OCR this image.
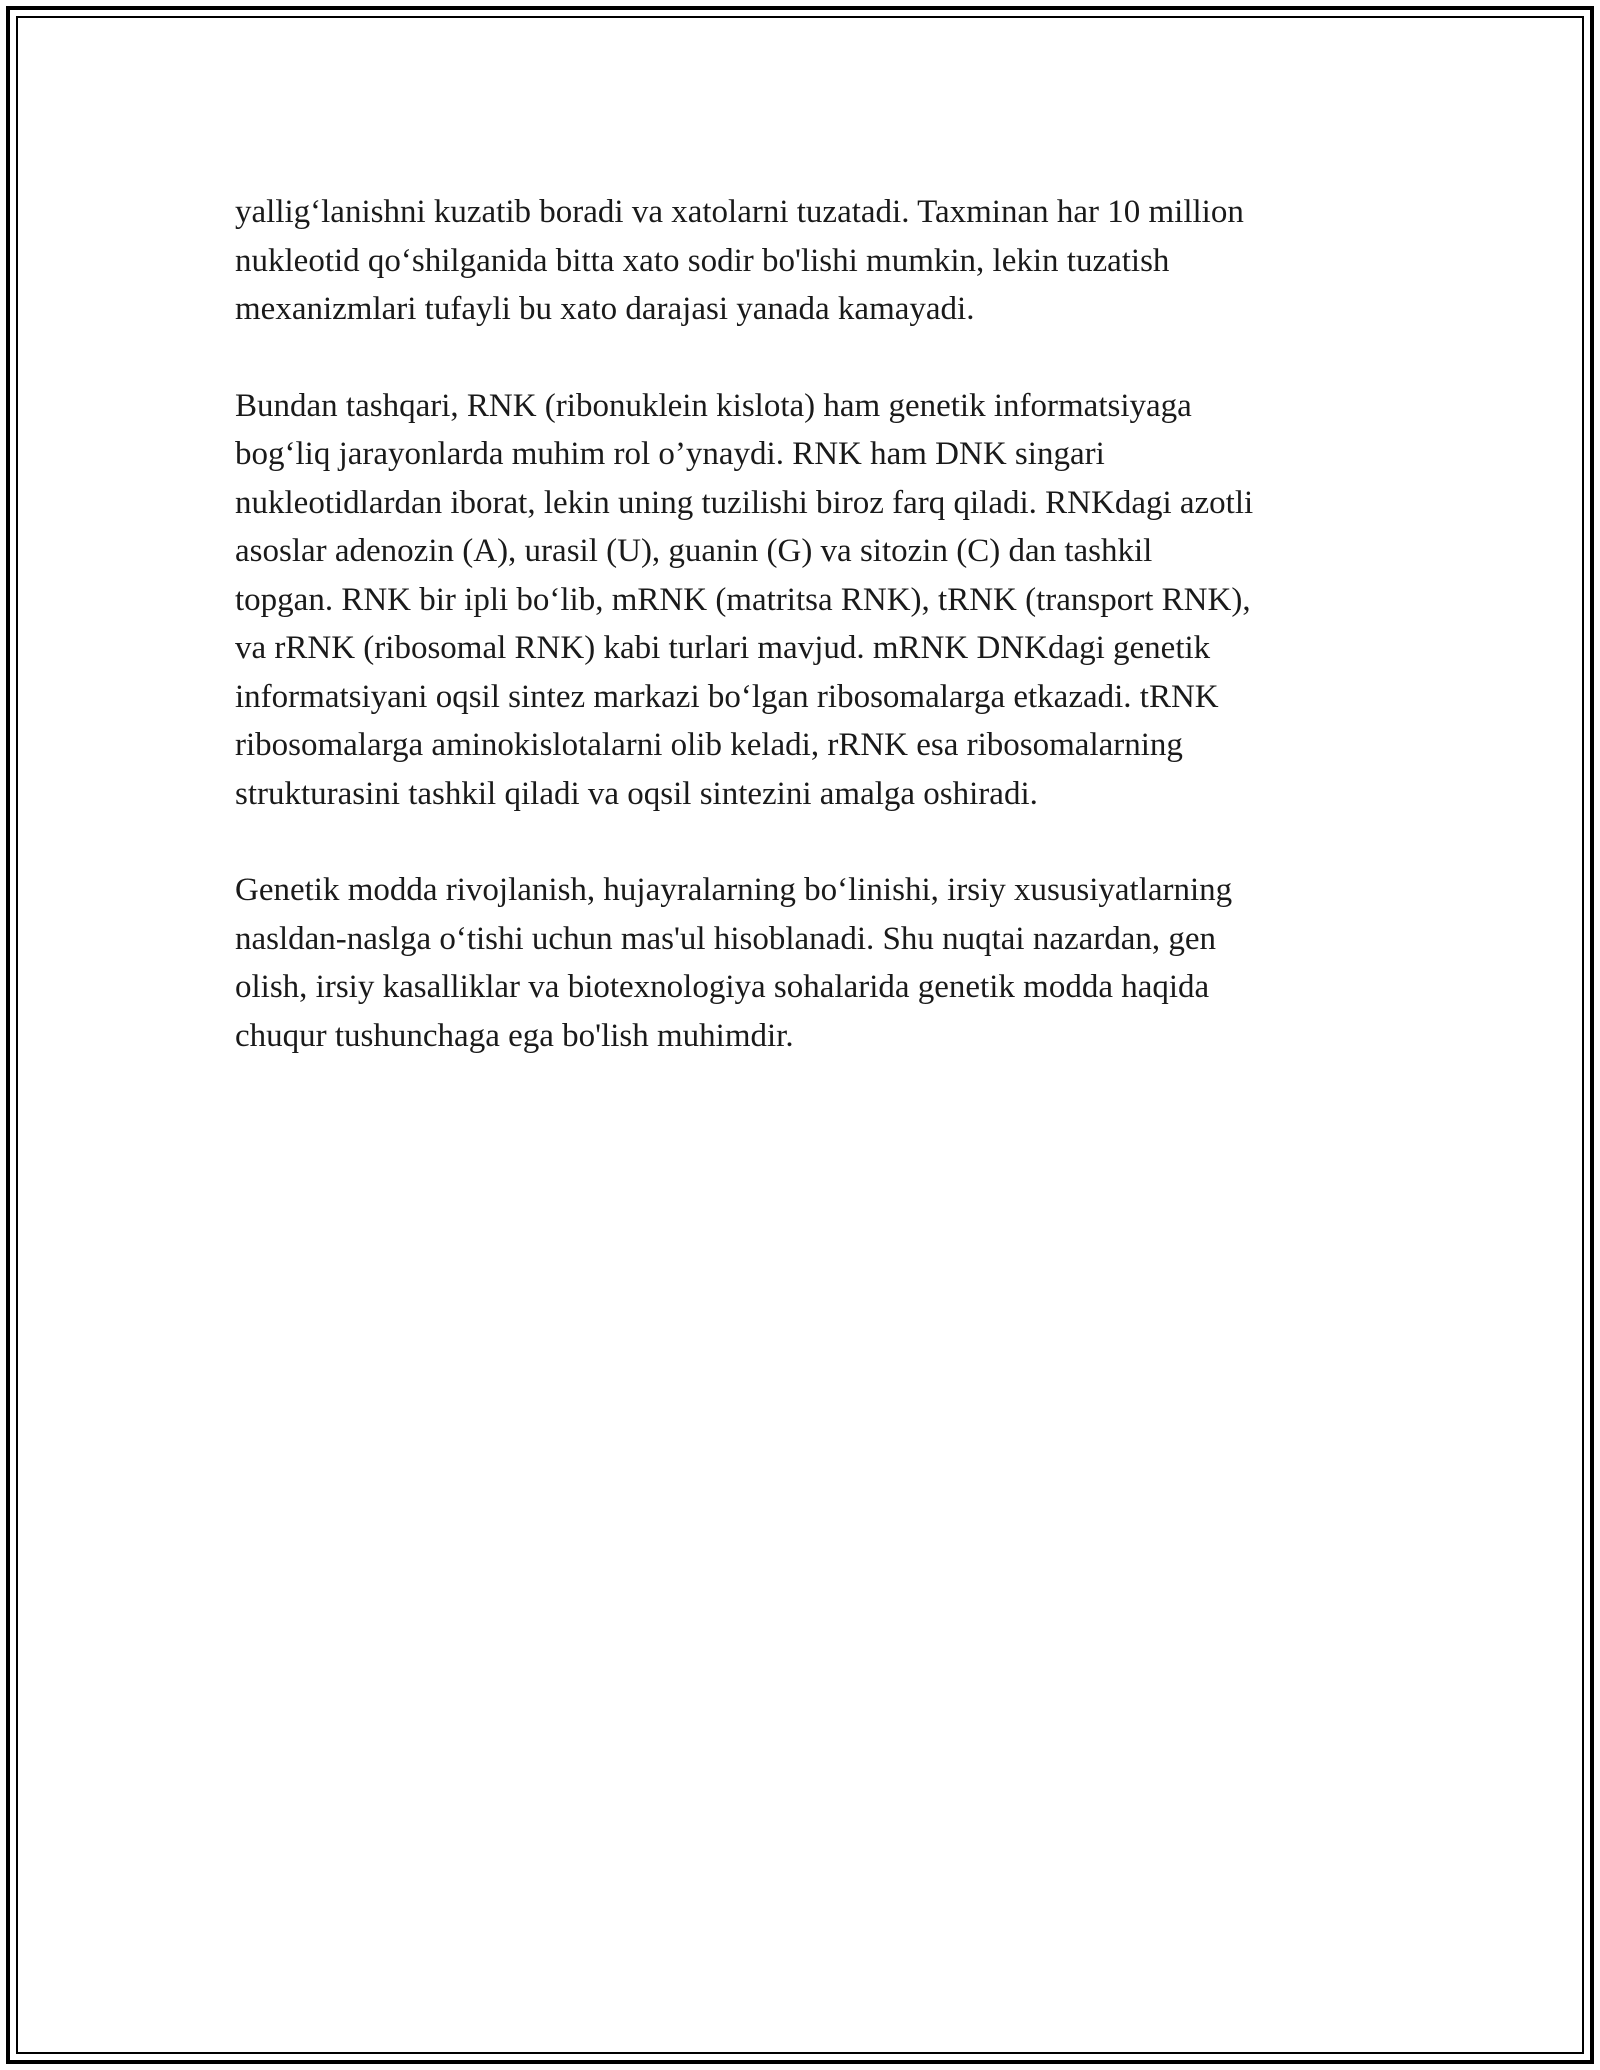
yallig‘lanishni kuzatib boradi va xatolarni tuzatadi. Taxminan har 10 million
nukleotid qo‘shilganida bitta xato sodir bo'lishi mumkin, lekin tuzatish
mexanizmlari tufayli bu xato darajasi yanada kamayadi.

Bundan tashqari, RNK (ribonuklein kislota) ham genetik informatsiyaga
bog‘liq jarayonlarda muhim rol o’ynaydi. RNK ham DNK singari
nukleotidlardan iborat, lekin uning tuzilishi biroz farq qiladi. RNKdagi azotli
asoslar adenozin (A), urasil (U), guanin (G) va sitozin (C) dan tashkil
topgan. RNK bir ipli bo‘lib, mRNK (matritsa RNK), tRNK (transport RNK),
va rRNK (ribosomal RNK) kabi turlari mavjud. mRNK DNKdagi genetik
informatsiyani oqsil sintez markazi bo‘lgan ribosomalarga etkazadi. tRNK
ribosomalarga aminokislotalarni olib keladi, rRNK esa ribosomalarning
strukturasini tashkil qiladi va oqsil sintezini amalga oshiradi.

Genetik modda rivojlanish, hujayralarning bo‘linishi, irsiy xususiyatlarning
nasldan-naslga o‘tishi uchun mas'ul hisoblanadi. Shu nuqtai nazardan, gen
olish, irsiy kasalliklar va biotexnologiya sohalarida genetik modda haqida
chuqur tushunchaga ega bo'lish muhimdir.
